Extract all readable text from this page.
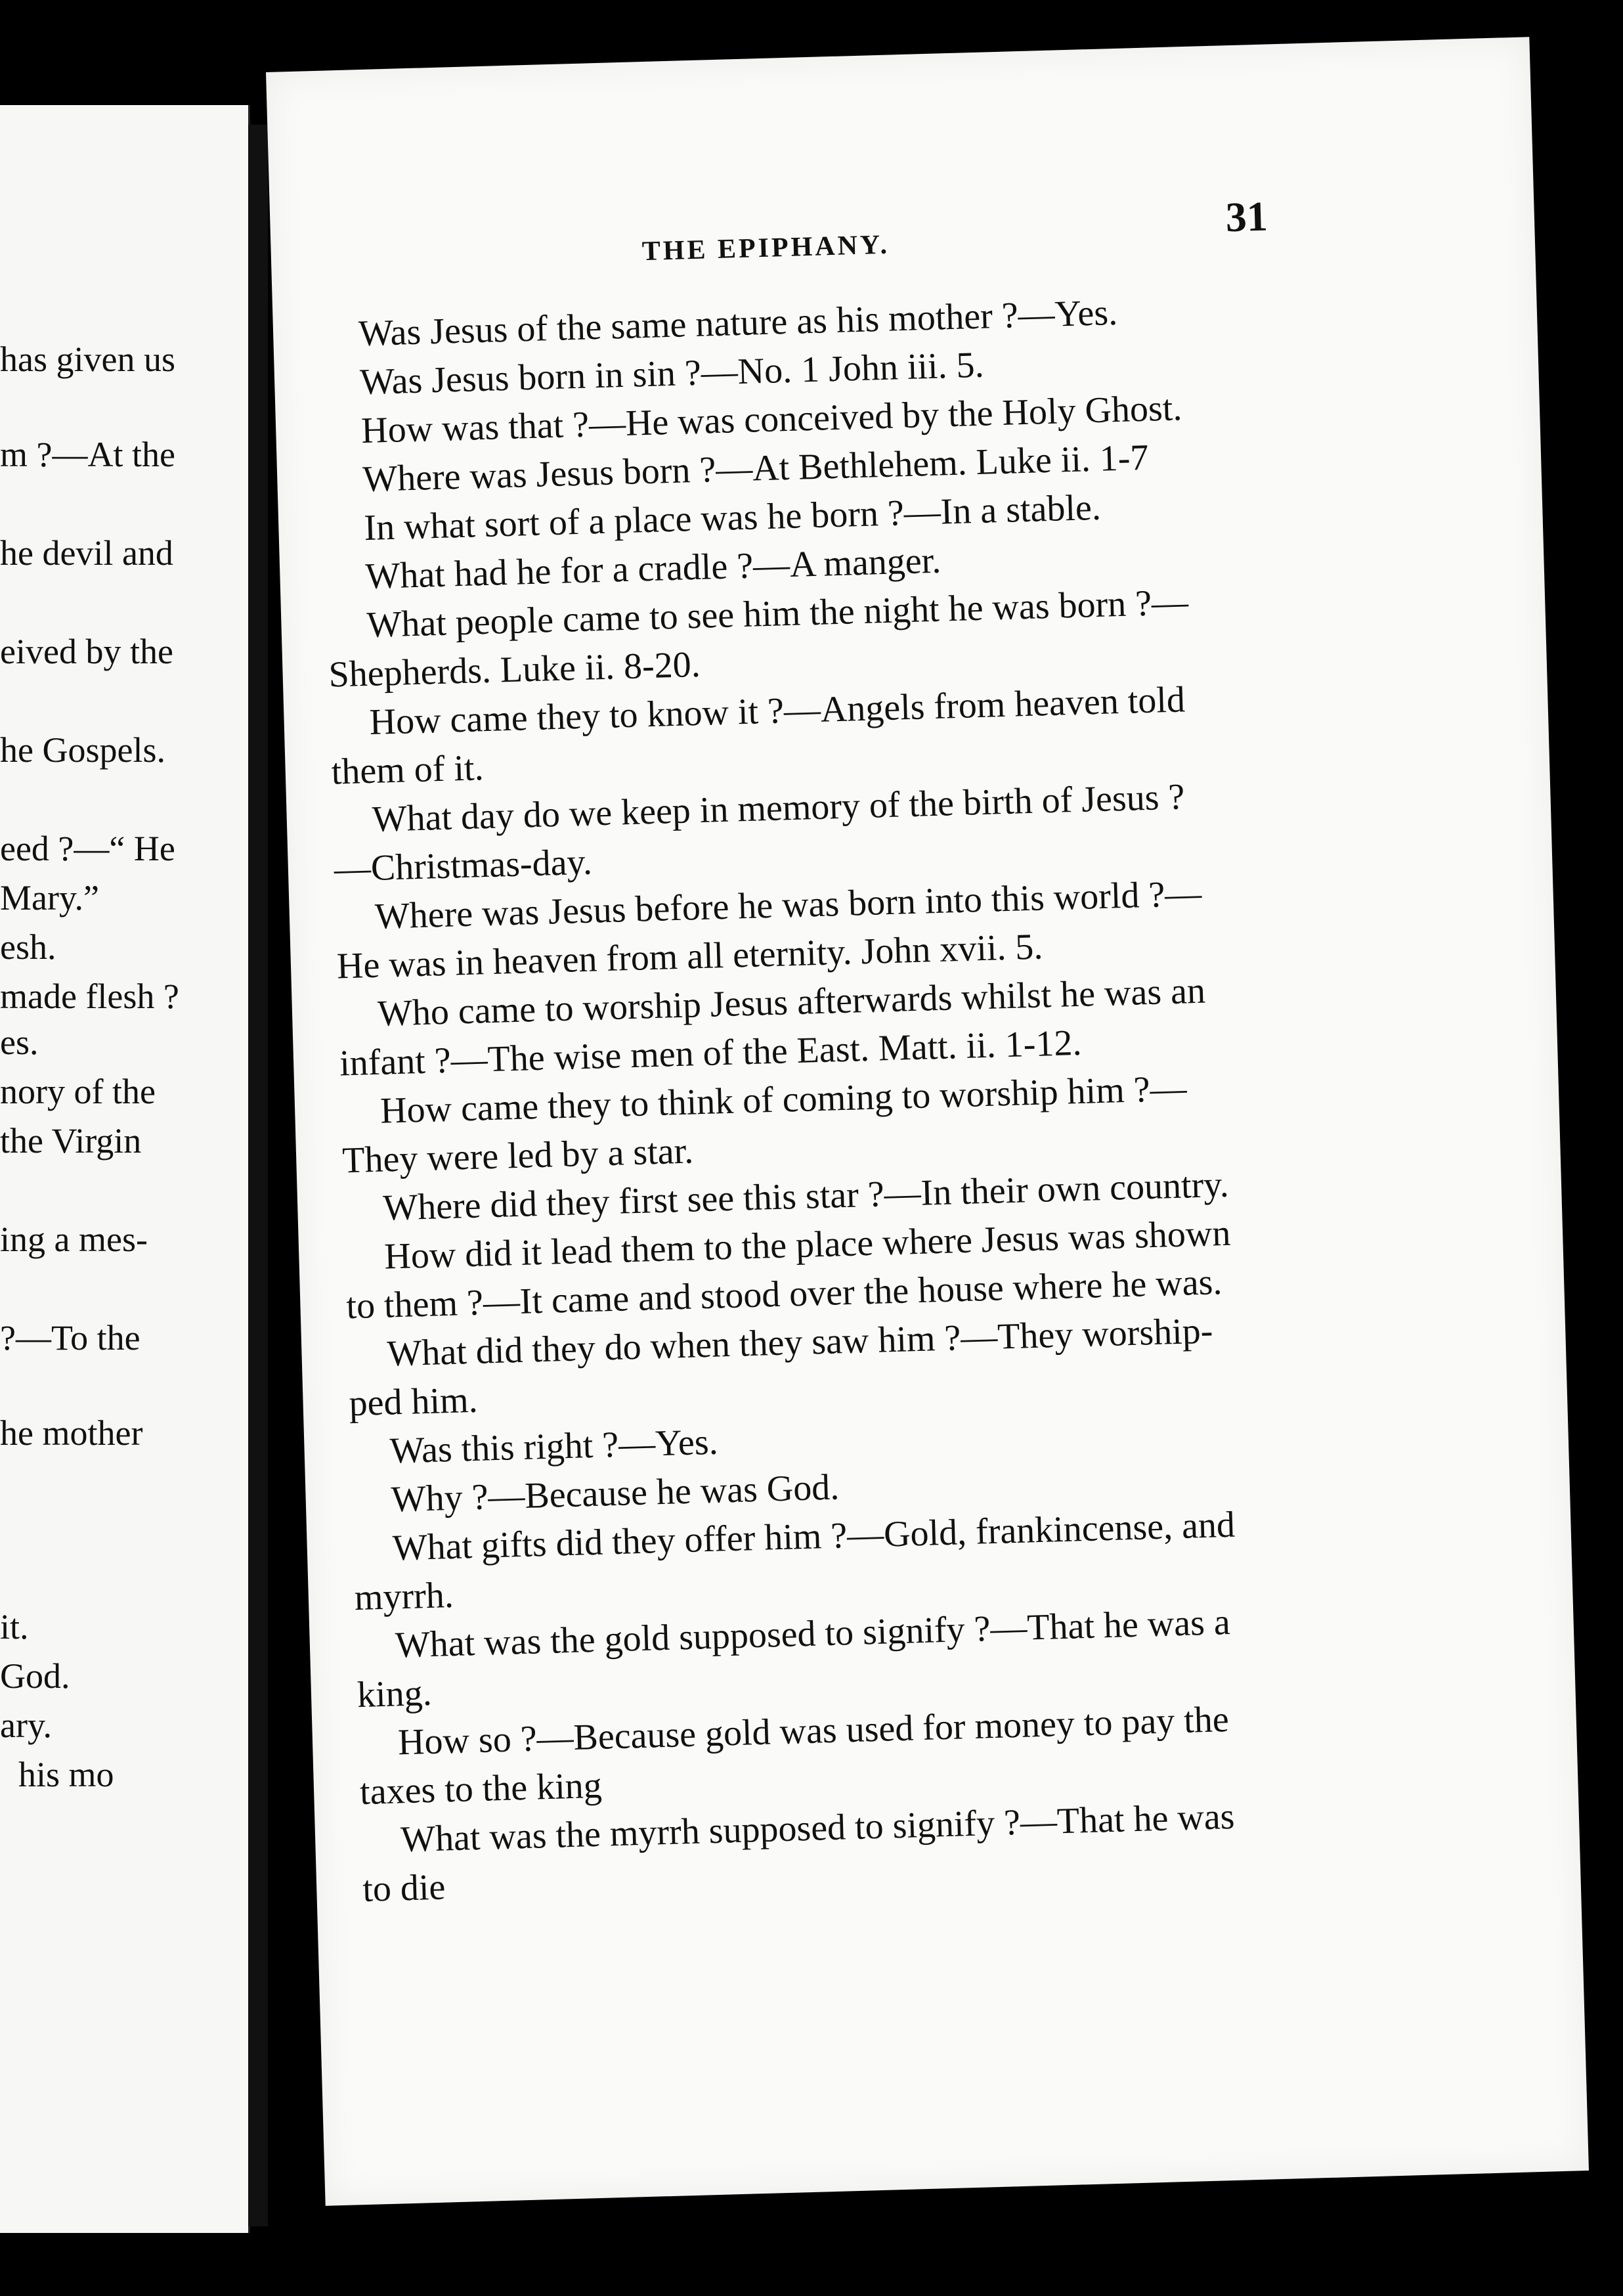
has given us
m ?—At the
he devil and
eived by the
he Gospels.
eed ?—“ He
Mary.”
esh.
made flesh ?
es.
nory of the
the Virgin
ing a mes-
?—To the
he mother
it.
God.
ary.
his mo
THE EPIPHANY.
31
Was Jesus of the same nature as his mother ?—Yes.
Was Jesus born in sin ?—No. 1 John iii. 5.
How was that ?—He was conceived by the Holy Ghost.
Where was Jesus born ?—At Bethlehem. Luke ii. 1-7
In what sort of a place was he born ?—In a stable.
What had he for a cradle ?—A manger.
What people came to see him the night he was born ?—
Shepherds. Luke ii. 8-20.
How came they to know it ?—Angels from heaven told
them of it.
What day do we keep in memory of the birth of Jesus ?
—Christmas-day.
Where was Jesus before he was born into this world ?—
He was in heaven from all eternity. John xvii. 5.
Who came to worship Jesus afterwards whilst he was an
infant ?—The wise men of the East. Matt. ii. 1-12.
How came they to think of coming to worship him ?—
They were led by a star.
Where did they first see this star ?—In their own country.
How did it lead them to the place where Jesus was shown
to them ?—It came and stood over the house where he was.
What did they do when they saw him ?—They worship-
ped him.
Was this right ?—Yes.
Why ?—Because he was God.
What gifts did they offer him ?—Gold, frankincense, and
myrrh.
What was the gold supposed to signify ?—That he was a
king.
How so ?—Because gold was used for money to pay the
taxes to the king
What was the myrrh supposed to signify ?—That he was
to die
